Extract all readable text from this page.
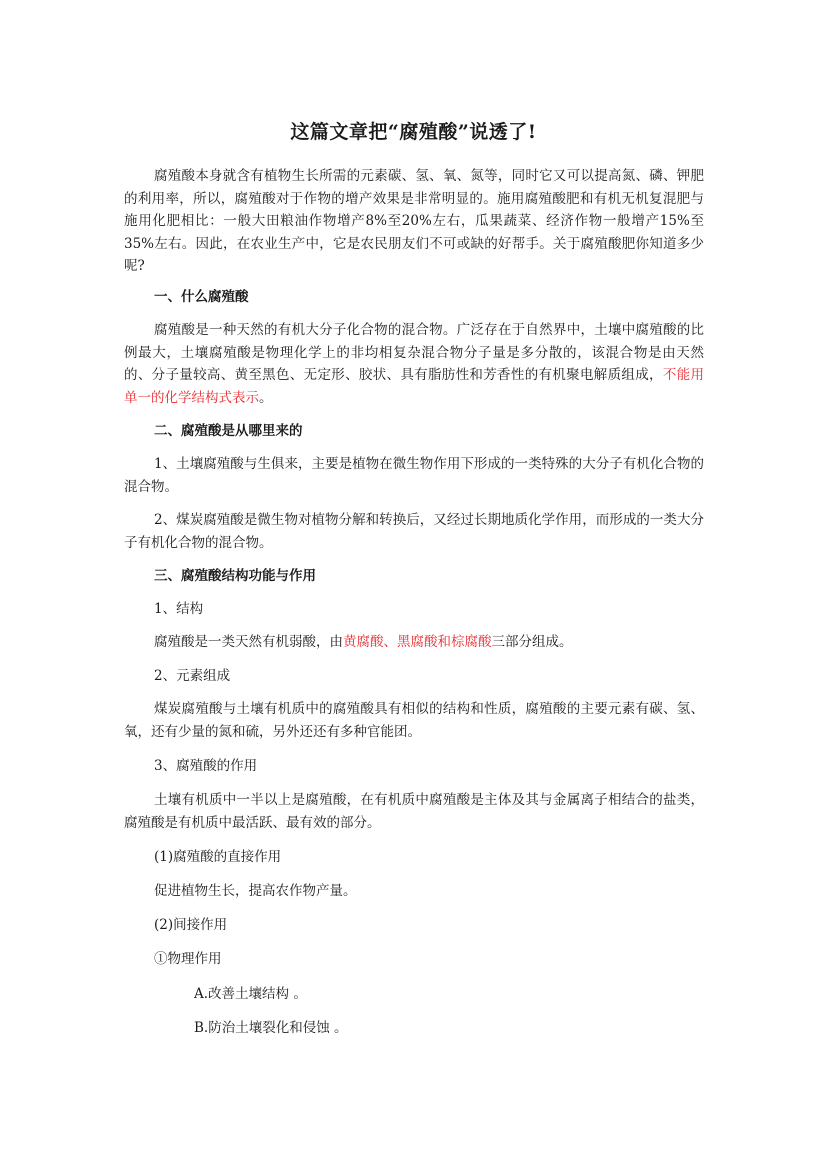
这篇文章把“腐殖酸”说透了!
腐殖酸本身就含有植物生长所需的元素碳、氢、氧、氮等，同时它又可以提高氮、磷、钾肥的利用率，所以，腐殖酸对于作物的增产效果是非常明显的。施用腐殖酸肥和有机无机复混肥与施用化肥相比：一般大田粮油作物增产8%至20%左右，瓜果蔬菜、经济作物一般增产15%至35%左右。因此，在农业生产中，它是农民朋友们不可或缺的好帮手。关于腐殖酸肥你知道多少呢?
一、什么腐殖酸
腐殖酸是一种天然的有机大分子化合物的混合物。广泛存在于自然界中，土壤中腐殖酸的比例最大，土壤腐殖酸是物理化学上的非均相复杂混合物分子量是多分散的，该混合物是由天然的、分子量较高、黄至黑色、无定形、胶状、具有脂肪性和芳香性的有机聚电解质组成，不能用单一的化学结构式表示。
二、腐殖酸是从哪里来的
1、土壤腐殖酸与生俱来，主要是植物在微生物作用下形成的一类特殊的大分子有机化合物的混合物。
2、煤炭腐殖酸是微生物对植物分解和转换后，又经过长期地质化学作用，而形成的一类大分子有机化合物的混合物。
三、腐殖酸结构功能与作用
1、结构
腐殖酸是一类天然有机弱酸，由黄腐酸、黑腐酸和棕腐酸三部分组成。
2、元素组成
煤炭腐殖酸与土壤有机质中的腐殖酸具有相似的结构和性质，腐殖酸的主要元素有碳、氢、氧，还有少量的氮和硫，另外还还有多种官能团。
3、腐殖酸的作用
土壤有机质中一半以上是腐殖酸，在有机质中腐殖酸是主体及其与金属离子相结合的盐类，腐殖酸是有机质中最活跃、最有效的部分。
(1)腐殖酸的直接作用
促进植物生长，提高农作物产量。
(2)间接作用
①物理作用
A.改善土壤结构 。
B.防治土壤裂化和侵蚀 。
